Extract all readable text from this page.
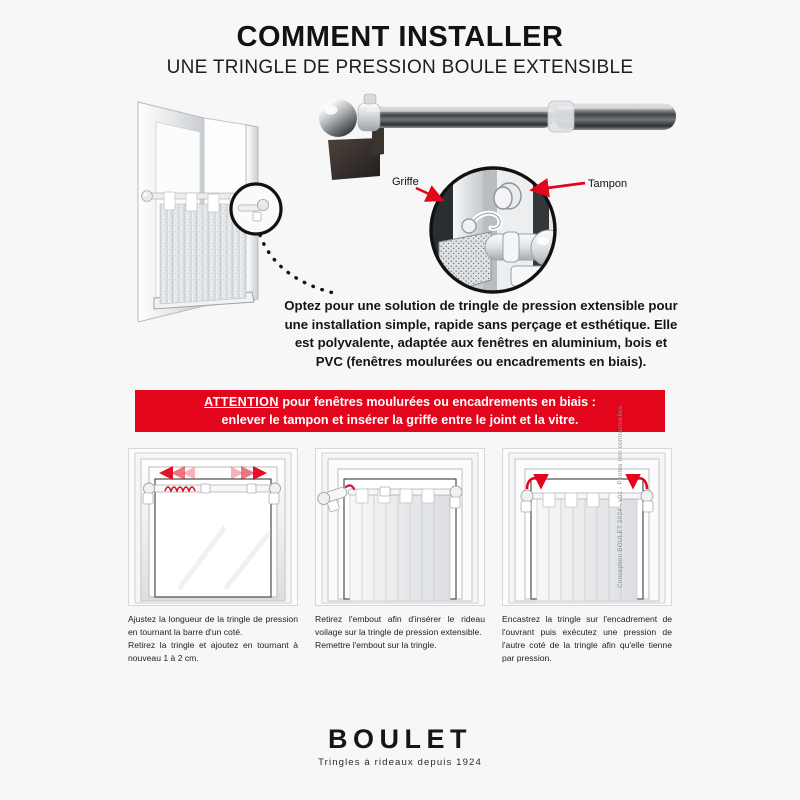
COMMENT INSTALLER
UNE TRINGLE DE PRESSION BOULE EXTENSIBLE
Griffe	Tampon
Optez pour une solution de tringle de pression extensible pour une installation simple, rapide sans perçage et esthétique. Elle est polyvalente, adaptée aux fenêtres en aluminium, bois et PVC (fenêtres moulurées ou encadrements en biais).
ATTENTION pour fenêtres moulurées ou encadrements en biais :
enlever le tampon et insérer la griffe entre le joint et la vitre.

Ajustez la longueur de la tringle de pression en tournant la barre d'un coté.

Retirez la tringle et ajoutez en tournant à nouveau 1 à 2 cm.

Retirez l'embout afin d'insérer le rideau voilage sur la tringle de pression extensible.

Remettre l'embout sur la tringle.

Encastrez la tringle sur l'encadrement de l'ouvrant puis exécutez une pression de l'autre coté de la tringle afin qu'elle tienne par pression.

BOULET
Tringles à rideaux depuis 1924
Conception BOULET 2024 - v01 - Photos non contractuelles.
